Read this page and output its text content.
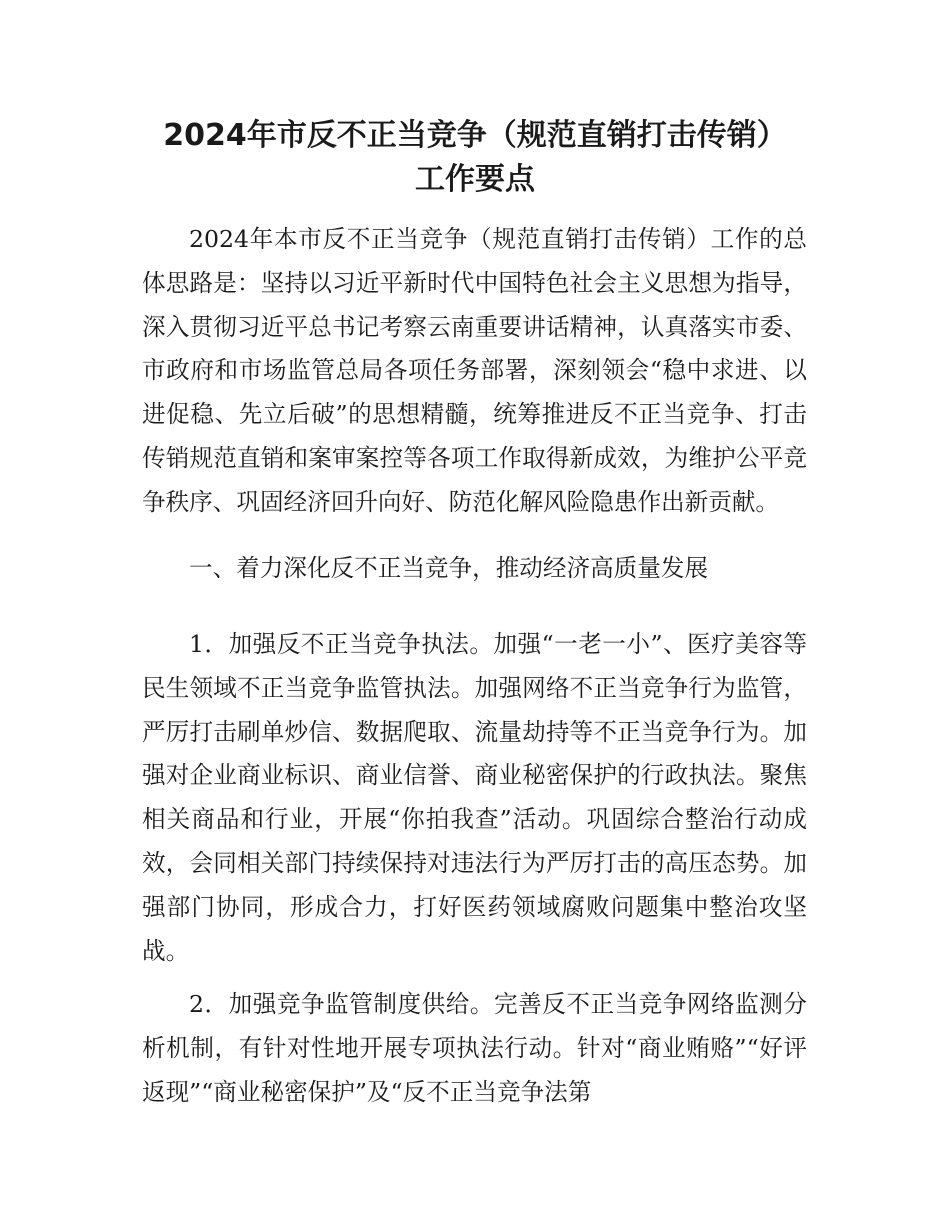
2024年市反不正当竞争（规范直销打击传销）
工作要点

2024年本市反不正当竞争（规范直销打击传销）工作的总体思路是：坚持以习近平新时代中国特色社会主义思想为指导，深入贯彻习近平总书记考察云南重要讲话精神，认真落实市委、市政府和市场监管总局各项任务部署，深刻领会“稳中求进、以进促稳、先立后破”的思想精髓，统筹推进反不正当竞争、打击传销规范直销和案审案控等各项工作取得新成效，为维护公平竞争秩序、巩固经济回升向好、防范化解风险隐患作出新贡献。

一、着力深化反不正当竞争，推动经济高质量发展

1．加强反不正当竞争执法。加强“一老一小”、医疗美容等民生领域不正当竞争监管执法。加强网络不正当竞争行为监管，严厉打击刷单炒信、数据爬取、流量劫持等不正当竞争行为。加强对企业商业标识、商业信誉、商业秘密保护的行政执法。聚焦相关商品和行业，开展“你拍我查”活动。巩固综合整治行动成效，会同相关部门持续保持对违法行为严厉打击的高压态势。加强部门协同，形成合力，打好医药领域腐败问题集中整治攻坚战。

2．加强竞争监管制度供给。完善反不正当竞争网络监测分析机制，有针对性地开展专项执法行动。针对“商业贿赂”“好评返现”“商业秘密保护”及“反不正当竞争法第
